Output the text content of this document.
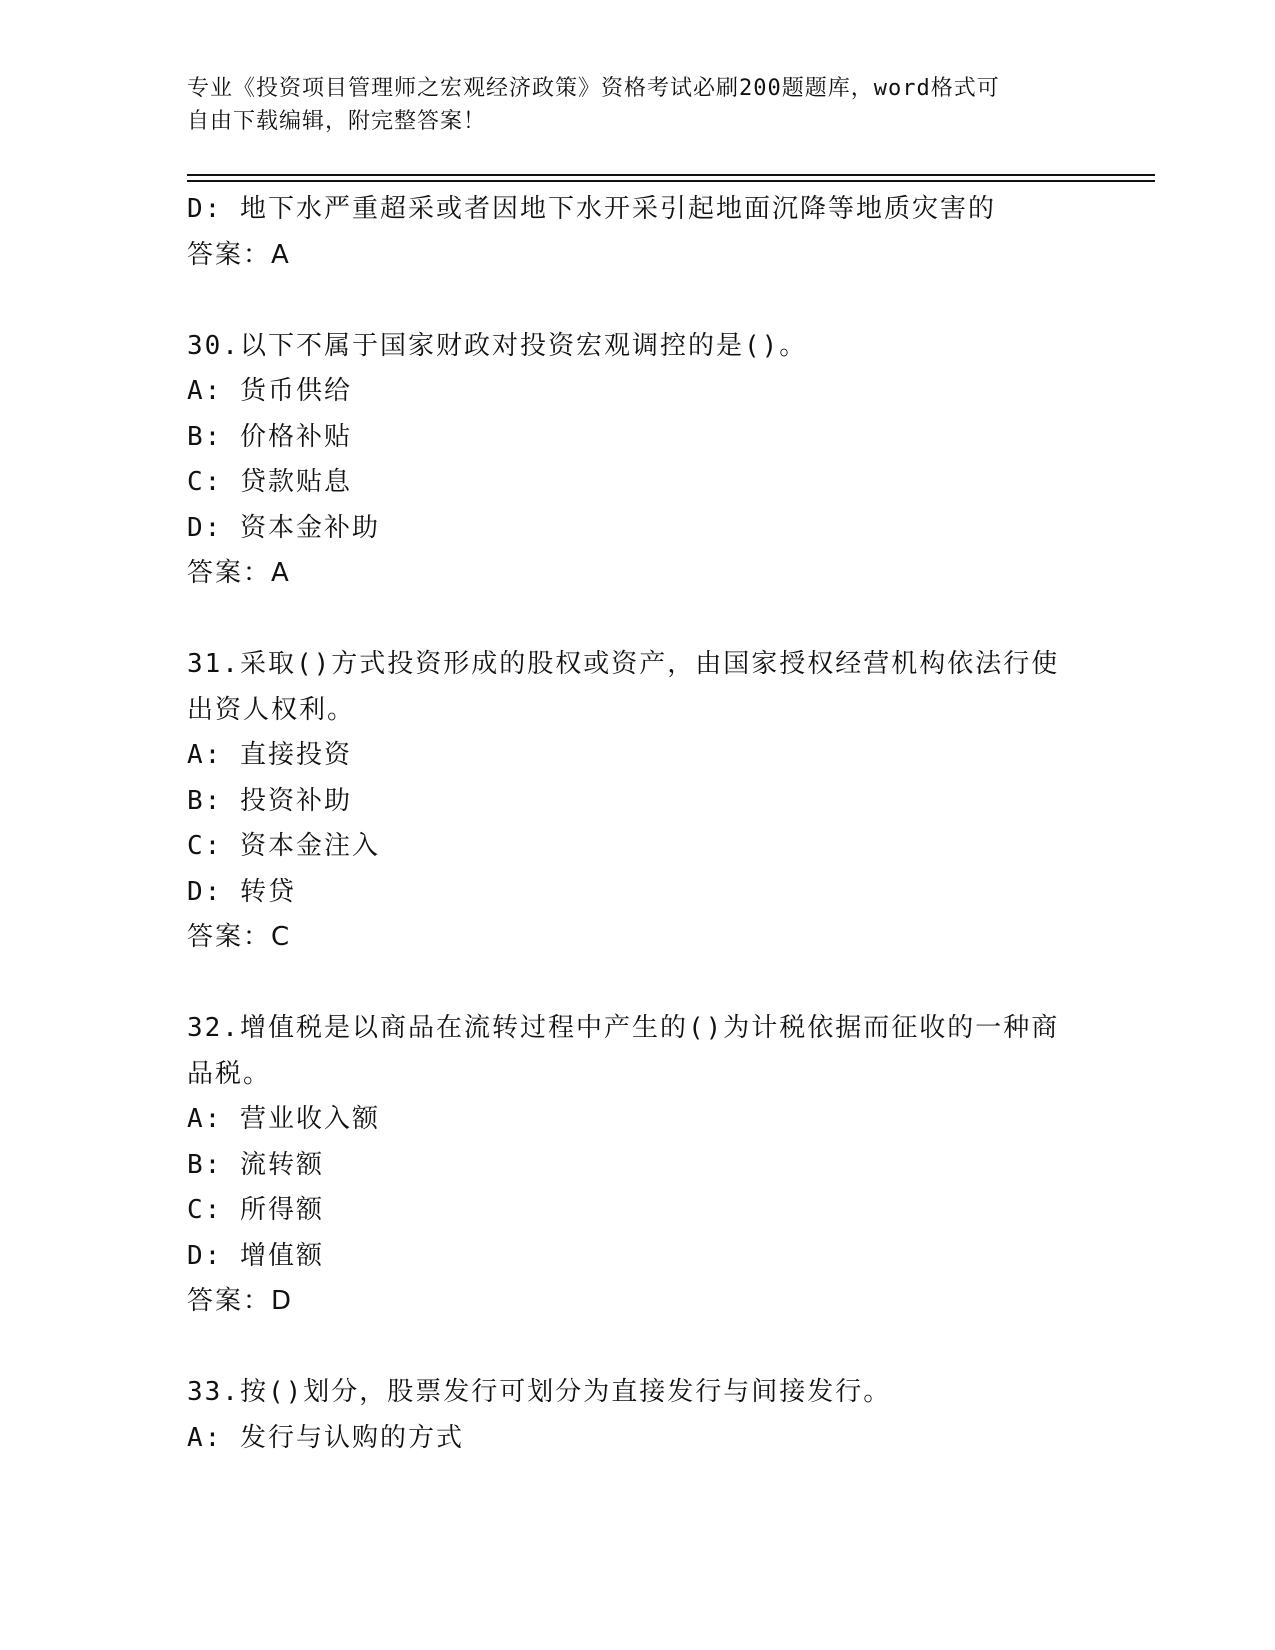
专业《投资项目管理师之宏观经济政策》资格考试必刷200题题库，word格式可
自由下载编辑，附完整答案！
D: 地下水严重超采或者因地下水开采引起地面沉降等地质灾害的
答案：A
30.以下不属于国家财政对投资宏观调控的是()。
A: 货币供给
B: 价格补贴
C: 贷款贴息
D: 资本金补助
答案：A
31.采取()方式投资形成的股权或资产，由国家授权经营机构依法行使
出资人权利。
A: 直接投资
B: 投资补助
C: 资本金注入
D: 转贷
答案：C
32.增值税是以商品在流转过程中产生的()为计税依据而征收的一种商
品税。
A: 营业收入额
B: 流转额
C: 所得额
D: 增值额
答案：D
33.按()划分，股票发行可划分为直接发行与间接发行。
A: 发行与认购的方式
